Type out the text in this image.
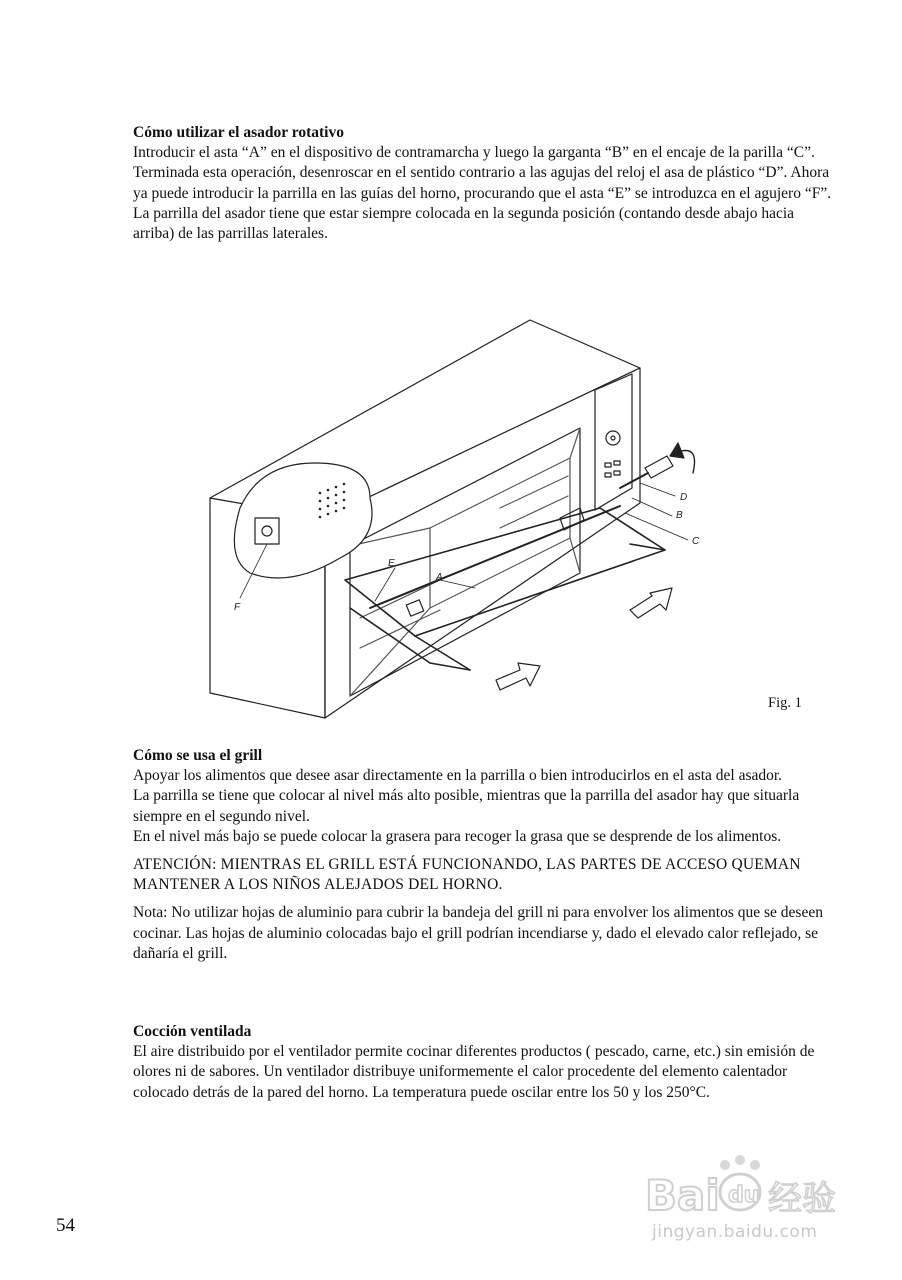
Cómo utilizar el asador rotativo

Introducir el asta “A” en el dispositivo de contramarcha y luego la garganta “B” en el encaje de la parilla “C”.

Terminada esta operación, desenroscar en el sentido contrario a las agujas del reloj el asa de plástico “D”. Ahora ya puede introducir la parrilla en las guías del horno, procurando que el asta “E” se introduzca en el agujero “F”.

La parrilla del asador tiene que estar siempre colocada en la segunda posición (contando desde abajo hacia arriba) de las parrillas laterales.

A
B
C
D
E
F
Fig. 1

Cómo se usa el grill

Apoyar los alimentos que desee asar directamente en la parrilla o bien introducirlos en el asta del asador.

La parrilla se tiene que colocar al nivel más alto posible, mientras que la parrilla del asador hay que situarla siempre en el segundo nivel.

En el nivel más bajo se puede colocar la grasera para recoger la grasa que se desprende de los alimentos.

ATENCIÓN: MIENTRAS EL GRILL ESTÁ FUNCIONANDO, LAS PARTES DE ACCESO QUEMAN MANTENER A LOS NIÑOS ALEJADOS DEL HORNO.

Nota: No utilizar hojas de aluminio para cubrir la bandeja del grill ni para envolver los alimentos que se deseen cocinar. Las hojas de aluminio colocadas bajo el grill podrían incendiarse y, dado el elevado calor reflejado, se dañaría el grill.

Cocción ventilada

El aire distribuido por el ventilador permite cocinar diferentes productos ( pescado, carne, etc.) sin emisión de olores ni de sabores. Un ventilador distribuye uniformemente el calor procedente del elemento calentador colocado detrás de la pared del horno. La temperatura puede oscilar entre los 50 y los 250°C.

54
Bai du 经验
jingyan.baidu.com
